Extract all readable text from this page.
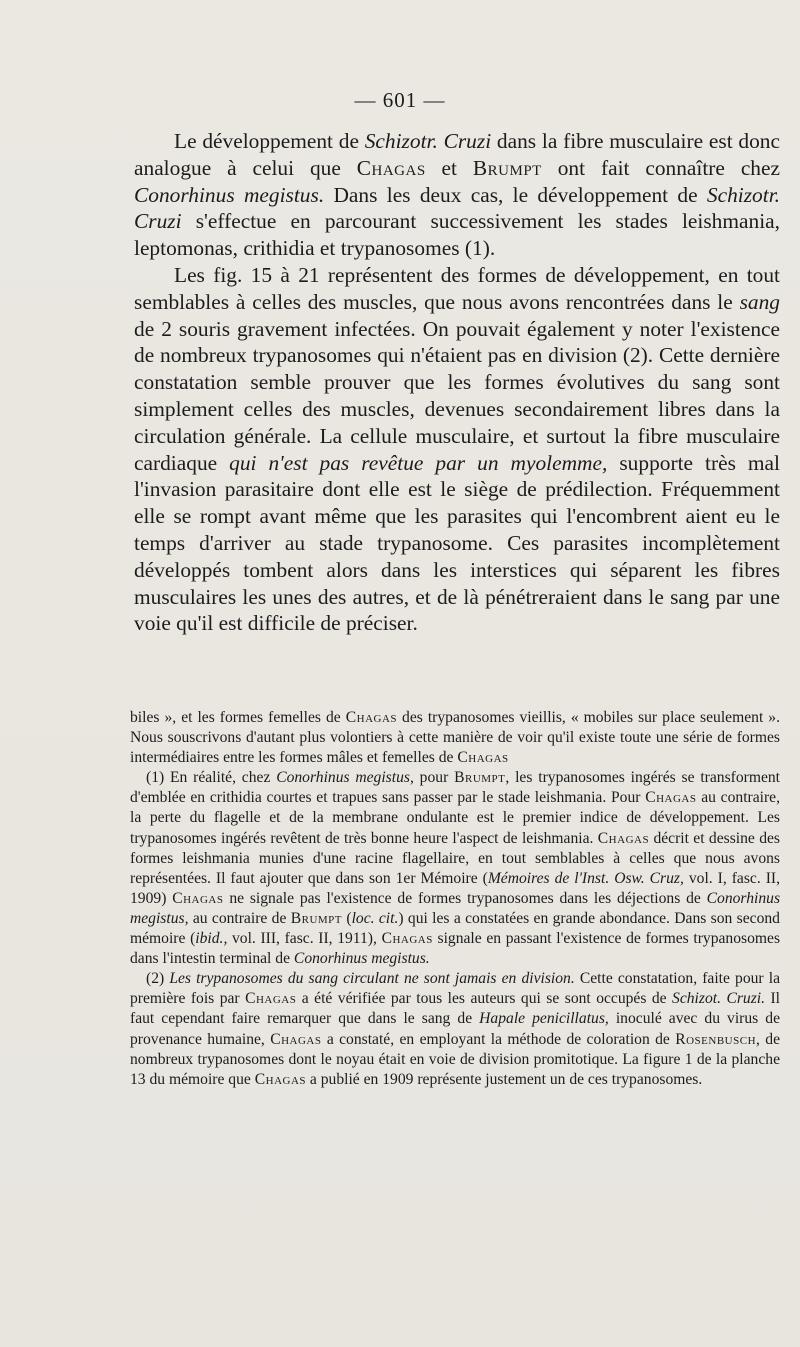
— 601 —

Le développement de Schizotr. Cruzi dans la fibre musculaire est donc analogue à celui que Chagas et Brumpt ont fait connaître chez Conorhinus megistus. Dans les deux cas, le développement de Schizotr. Cruzi s'effectue en parcourant successivement les stades leishmania, leptomonas, crithidia et trypanosomes (1).

Les fig. 15 à 21 représentent des formes de développement, en tout semblables à celles des muscles, que nous avons rencontrées dans le sang de 2 souris gravement infectées. On pouvait également y noter l'existence de nombreux trypanosomes qui n'étaient pas en division (2). Cette dernière constatation semble prouver que les formes évolutives du sang sont simplement celles des muscles, devenues secondairement libres dans la circulation générale. La cellule musculaire, et surtout la fibre musculaire cardiaque qui n'est pas revêtue par un myolemme, supporte très mal l'invasion parasitaire dont elle est le siège de prédilection. Fréquemment elle se rompt avant même que les parasites qui l'encombrent aient eu le temps d'arriver au stade trypanosome. Ces parasites incomplètement développés tombent alors dans les interstices qui séparent les fibres musculaires les unes des autres, et de là pénétreraient dans le sang par une voie qu'il est difficile de préciser.

biles », et les formes femelles de Chagas des trypanosomes vieillis, « mobiles sur place seulement ». Nous souscrivons d'autant plus volontiers à cette manière de voir qu'il existe toute une série de formes intermédiaires entre les formes mâles et femelles de Chagas

(1) En réalité, chez Conorhinus megistus, pour Brumpt, les trypanosomes ingérés se transforment d'emblée en crithidia courtes et trapues sans passer par le stade leishmania. Pour Chagas au contraire, la perte du flagelle et de la membrane ondulante est le premier indice de développement. Les trypanosomes ingérés revêtent de très bonne heure l'aspect de leishmania. Chagas décrit et dessine des formes leishmania munies d'une racine flagellaire, en tout semblables à celles que nous avons représentées. Il faut ajouter que dans son 1er Mémoire (Mémoires de l'Inst. Osw. Cruz, vol. I, fasc. II, 1909) Chagas ne signale pas l'existence de formes trypanosomes dans les déjections de Conorhinus megistus, au contraire de Brumpt (loc. cit.) qui les a constatées en grande abondance. Dans son second mémoire (ibid., vol. III, fasc. II, 1911), Chagas signale en passant l'existence de formes trypanosomes dans l'intestin terminal de Conorhinus megistus.

(2) Les trypanosomes du sang circulant ne sont jamais en division. Cette constatation, faite pour la première fois par Chagas a été vérifiée par tous les auteurs qui se sont occupés de Schizot. Cruzi. Il faut cependant faire remarquer que dans le sang de Hapale penicillatus, inoculé avec du virus de provenance humaine, Chagas a constaté, en employant la méthode de coloration de Rosenbusch, de nombreux trypanosomes dont le noyau était en voie de division promitotique. La figure 1 de la planche 13 du mémoire que Chagas a publié en 1909 représente justement un de ces trypanosomes.
